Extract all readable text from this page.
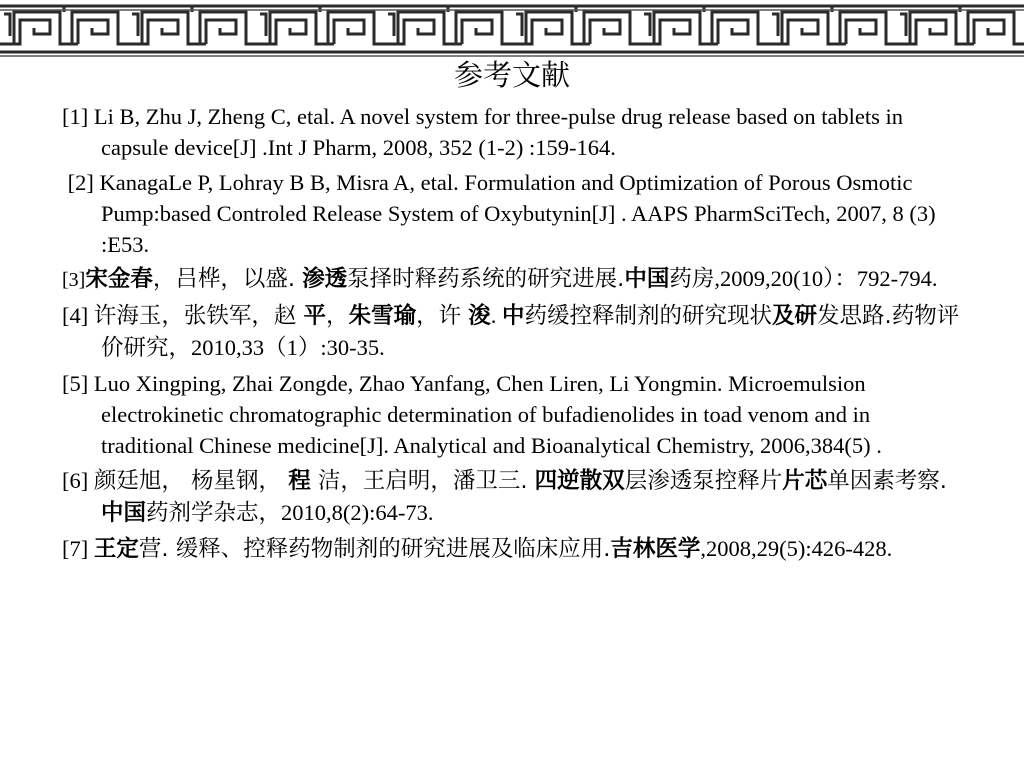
参考文献
[1] Li B, Zhu J, Zheng C, etal. A novel system for three-pulse drug release based on tablets in capsule device[J] .Int J Pharm, 2008, 352 (1-2) :159-164.
[2] KanagaLe P, Lohray B B, Misra A, etal. Formulation and Optimization of Porous Osmotic Pump:based Controled Release System of Oxybutynin[J] . AAPS PharmSciTech, 2007, 8 (3) :E53.
[3]宋金春，吕桦，以盛. 渗透泵择时释药系统的研究进展.中国药房,2009,20(10）：792-794.
[4] 许海玉，张铁军，赵 平，朱雪瑜，许 浚. 中药缓控释制剂的研究现状及研发思路.药物评价研究，2010,33（1）:30-35.
[5] Luo Xingping, Zhai Zongde, Zhao Yanfang, Chen Liren, Li Yongmin. Microemulsion electrokinetic chromatographic determination of bufadienolides in toad venom and in traditional Chinese medicine[J]. Analytical and Bioanalytical Chemistry, 2006,384(5) .
[6] 颜廷旭， 杨星钢， 程 洁，王启明，潘卫三. 四逆散双层渗透泵控释片片芯单因素考察.中国药剂学杂志，2010,8(2):64-73.
[7] 王定营. 缓释、控释药物制剂的研究进展及临床应用.吉林医学,2008,29(5):426-428.
